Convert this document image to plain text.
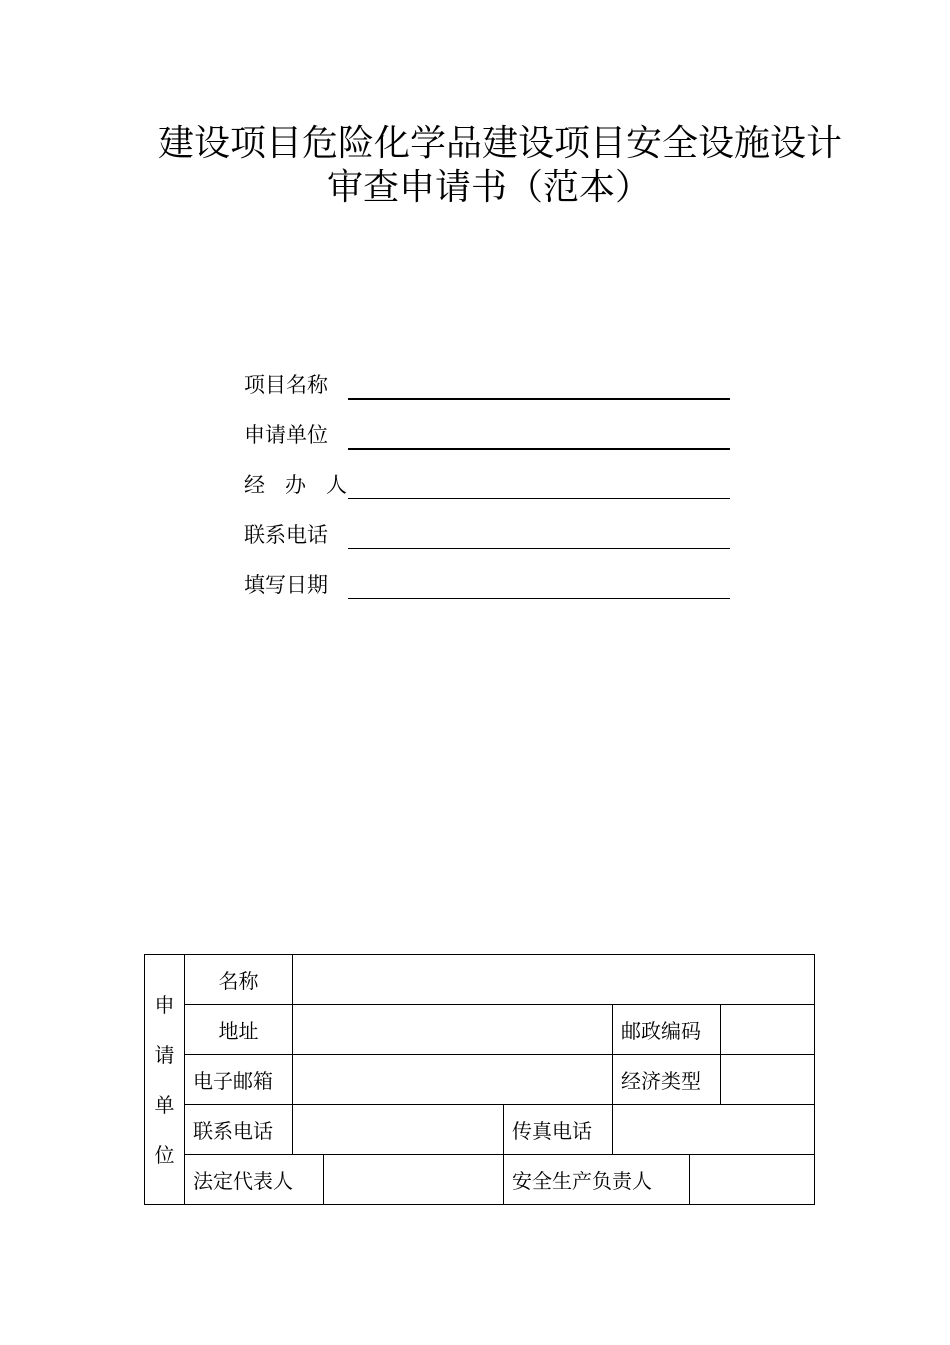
建设项目危险化学品建设项目安全设施设计
审查申请书（范本）
项目名称
申请单位
经   办   人
联系电话
填写日期
申
请
单
位	名称						
	地址				邮政编码		
	电子邮箱				经济类型		
	联系电话			传真电话			
	法定代表人			安全生产负责人			
